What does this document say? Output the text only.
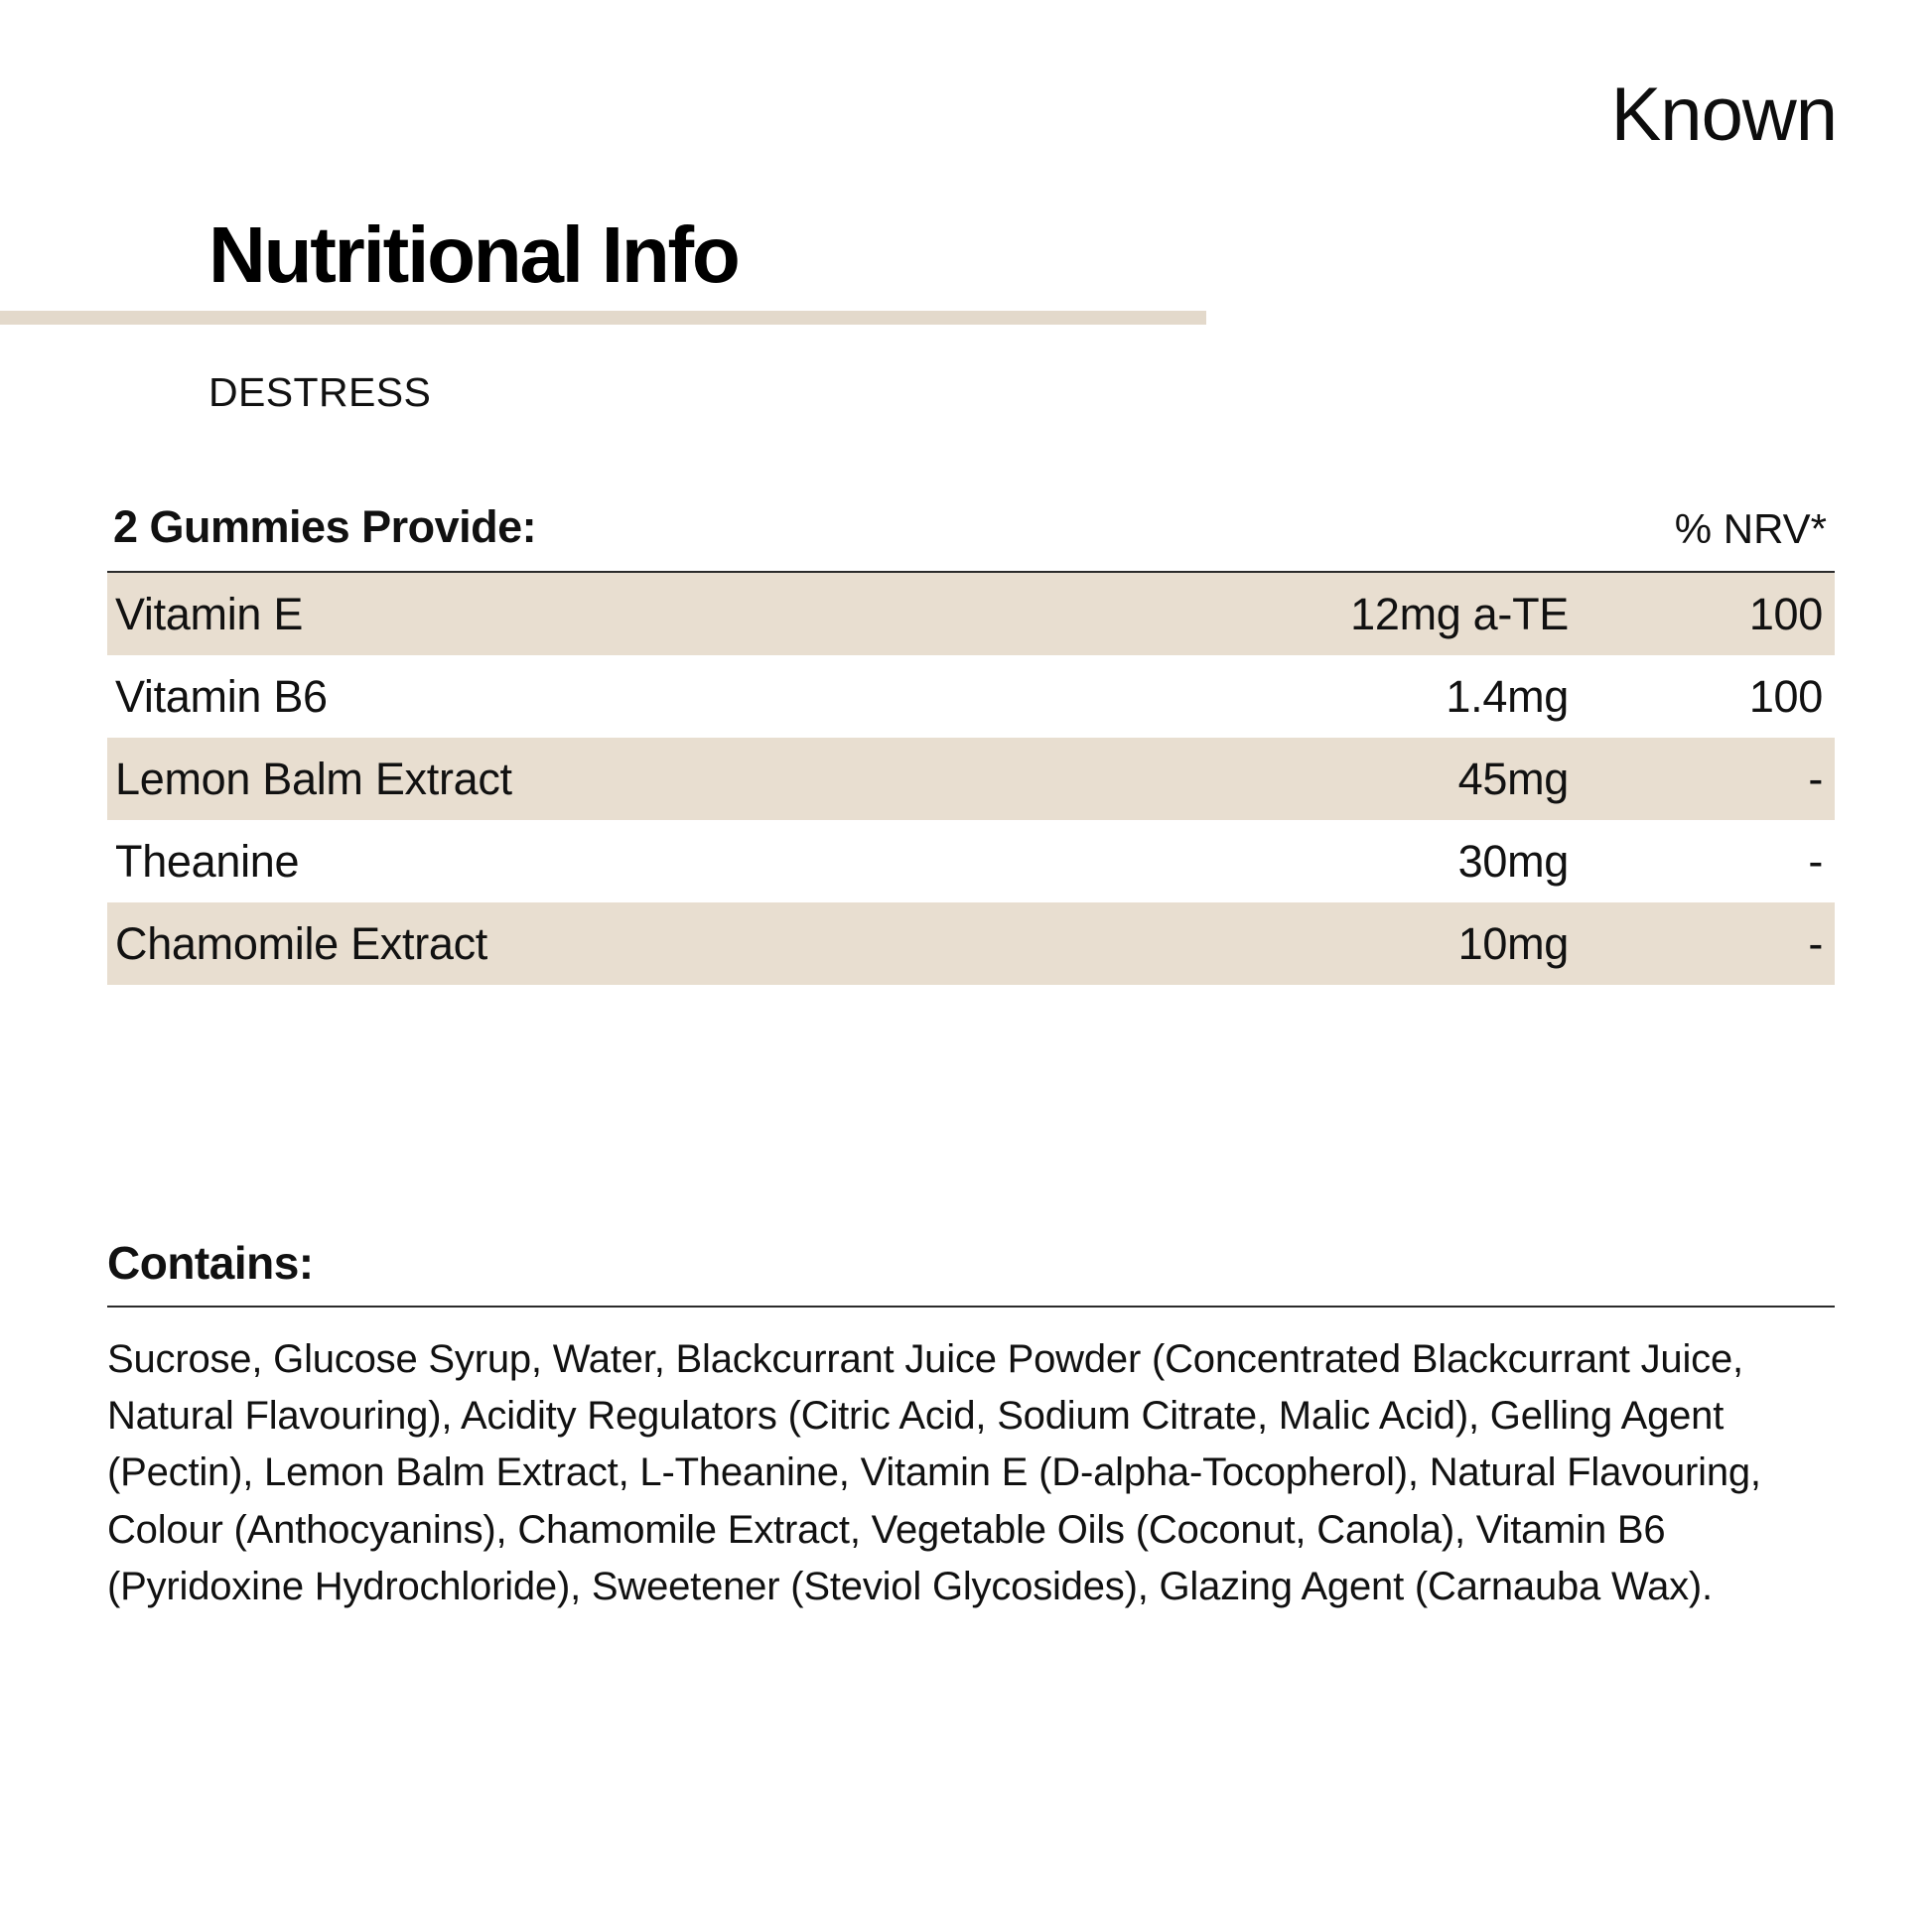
Known
Nutritional Info
DESTRESS
2 Gummies Provide:	% NRV*
Vitamin E	12mg a-TE	100
Vitamin B6	1.4mg	100
Lemon Balm Extract	45mg	-
Theanine	30mg	-
Chamomile Extract	10mg	-
Contains:
Sucrose, Glucose Syrup, Water, Blackcurrant Juice Powder (Concentrated Blackcurrant Juice, Natural Flavouring), Acidity Regulators (Citric Acid, Sodium Citrate, Malic Acid), Gelling Agent (Pectin), Lemon Balm Extract, L-Theanine, Vitamin E (D-alpha-Tocopherol), Natural Flavouring, Colour (Anthocyanins), Chamomile Extract, Vegetable Oils (Coconut, Canola), Vitamin B6 (Pyridoxine Hydrochloride), Sweetener (Steviol Glycosides), Glazing Agent (Carnauba Wax).
